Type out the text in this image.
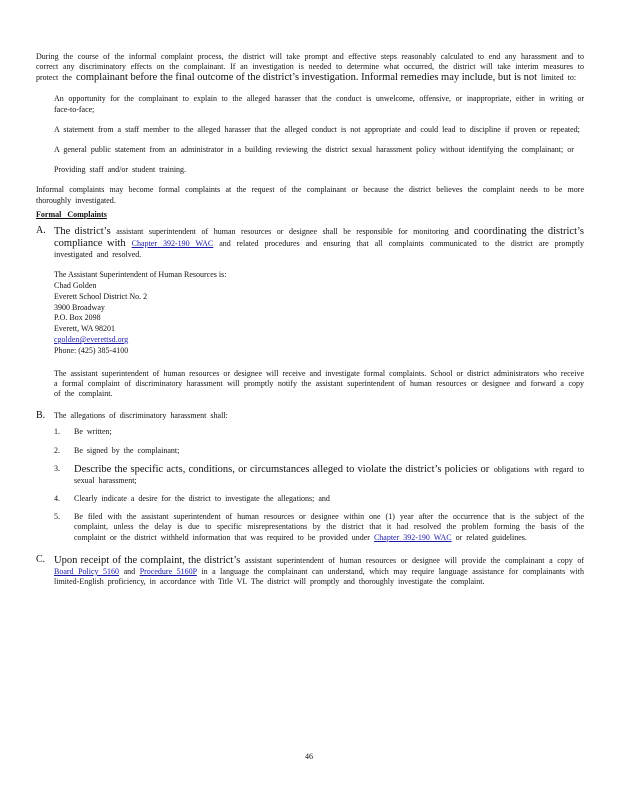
During the course of the informal complaint process, the district will take prompt and effective steps reasonably calculated to end any harassment and to correct any discriminatory effects on the complainant. If an investigation is needed to determine what occurred, the district will take interim measures to protect the complainant before the final outcome of the district’s investigation. Informal remedies may include, but is not limited to:

An opportunity for the complainant to explain to the alleged harasser that the conduct is unwelcome, offensive, or inappropriate, either in writing or face-to-face;
A statement from a staff member to the alleged harasser that the alleged conduct is not appropriate and could lead to discipline if proven or repeated;
A general public statement from an administrator in a building reviewing the district sexual harassment policy without identifying the complainant; or
Providing staff and/or student training.

Informal complaints may become formal complaints at the request of the complainant or because the district believes the complaint needs to be more thoroughly investigated.

Formal Complaints
A. The district’s assistant superintendent of human resources or designee shall be responsible for monitoring and coordinating the district’s compliance with Chapter 392-190 WAC and related procedures and ensuring that all complaints communicated to the district are promptly investigated and resolved.

The Assistant Superintendent of Human Resources is:
Chad Golden
Everett School District No. 2
3900 Broadway
P.O. Box 2098
Everett, WA 98201
cgolden@everettsd.org
Phone: (425) 385-4100

The assistant superintendent of human resources or designee will receive and investigate formal complaints. School or district administrators who receive a formal complaint of discriminatory harassment will promptly notify the assistant superintendent of human resources or designee and forward a copy of the complaint.

B. The allegations of discriminatory harassment shall:

1. Be written;
2. Be signed by the complainant;
3. Describe the specific acts, conditions, or circumstances alleged to violate the district’s policies or obligations with regard to sexual harassment;
4. Clearly indicate a desire for the district to investigate the allegations; and
5. Be filed with the assistant superintendent of human resources or designee within one (1) year after the occurrence that is the subject of the complaint, unless the delay is due to specific misrepresentations by the district that it had resolved the problem forming the basis of the complaint or the district withheld information that was required to be provided under Chapter 392-190 WAC or related guidelines.
C. Upon receipt of the complaint, the district’s assistant superintendent of human resources or designee will provide the complainant a copy of Board Policy 5160 and Procedure 5160P in a language the complainant can understand, which may require language assistance for complainants with limited-English proficiency, in accordance with Title VI. The district will promptly and thoroughly investigate the complaint.

46
